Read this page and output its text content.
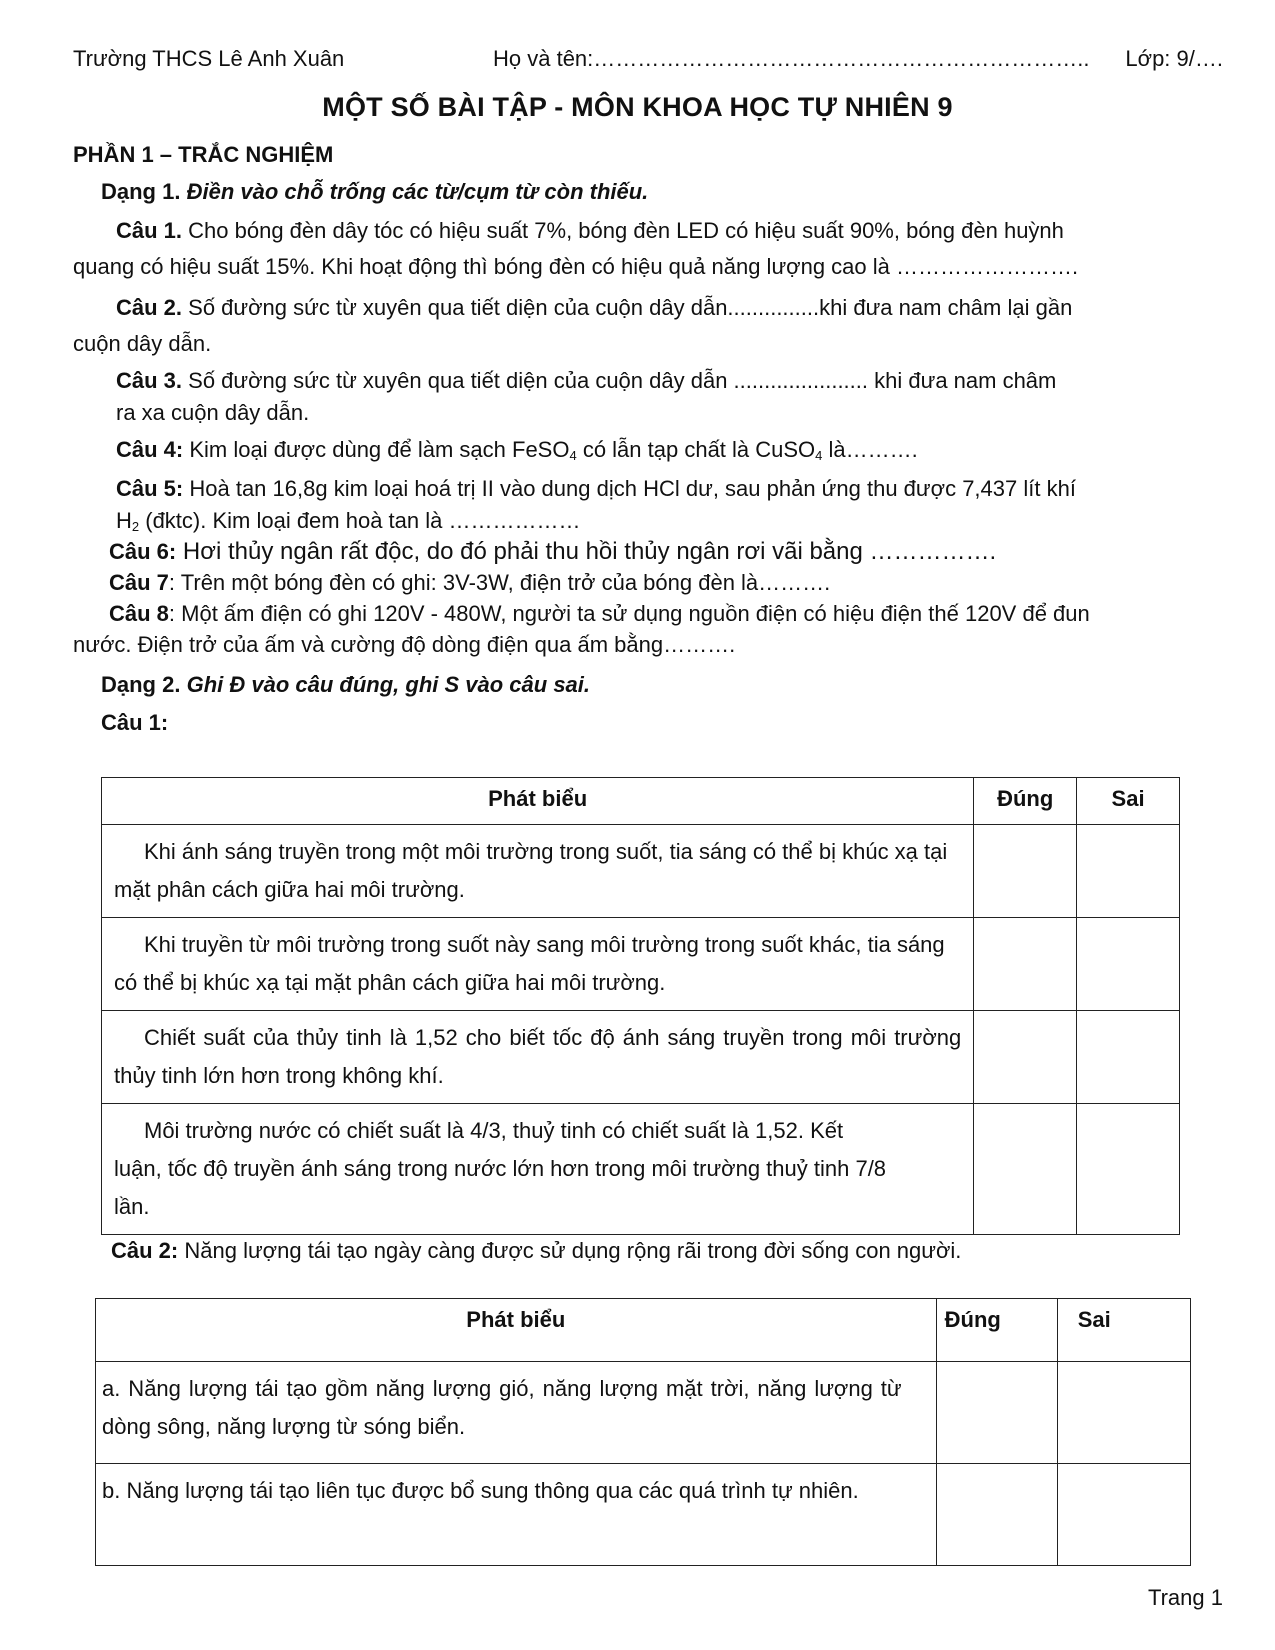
Trường THCS Lê Anh Xuân	Họ và tên:………………………………………………………….. Lớp: 9/….
MỘT SỐ BÀI TẬP - MÔN KHOA HỌC TỰ NHIÊN 9
PHẦN 1 – TRẮC NGHIỆM
Dạng 1. Điền vào chỗ trống các từ/cụm từ còn thiếu.
Câu 1. Cho bóng đèn dây tóc có hiệu suất 7%, bóng đèn LED có hiệu suất 90%, bóng đèn huỳnh
quang có hiệu suất 15%. Khi hoạt động thì bóng đèn có hiệu quả năng lượng cao là …………………….
Câu 2. Số đường sức từ xuyên qua tiết diện của cuộn dây dẫn...............khi đưa nam châm lại gần
cuộn dây dẫn.
Câu 3. Số đường sức từ xuyên qua tiết diện của cuộn dây dẫn ...................... khi đưa nam châm
ra xa cuộn dây dẫn.
Câu 4: Kim loại được dùng để làm sạch FeSO$_4$ có lẫn tạp chất là CuSO$_4$ là……….
Câu 5: Hoà tan 16,8g kim loại hoá trị II vào dung dịch HCl dư, sau phản ứng thu được 7,437 lít khí
$H_2$ (đktc). Kim loại đem hoà tan là ………………
Câu 6: Hơi thủy ngân rất độc, do đó phải thu hồi thủy ngân rơi vãi bằng …………….
Câu 7: Trên một bóng đèn có ghi: 3V-3W, điện trở của bóng đèn là……….
Câu 8: Một ấm điện có ghi 120V - 480W, người ta sử dụng nguồn điện có hiệu điện thế 120V để đun
nước. Điện trở của ấm và cường độ dòng điện qua ấm bằng……….
Dạng 2. Ghi Đ vào câu đúng, ghi S vào câu sai.
Câu 1:
Phát biểu	Đúng	Sai

Khi ánh sáng truyền trong một môi trường trong suốt, tia sáng có thể bị khúc xạ tại mặt phân cách giữa hai môi trường.		

Khi truyền từ môi trường trong suốt này sang môi trường trong suốt khác, tia sáng có thể bị khúc xạ tại mặt phân cách giữa hai môi trường.		

Chiết suất của thủy tinh là 1,52 cho biết tốc độ ánh sáng truyền trong môi trường thủy tinh lớn hơn trong không khí.		

Môi trường nước có chiết suất là 4/3, thuỷ tinh có chiết suất là 1,52. Kết luận, tốc độ truyền ánh sáng trong nước lớn hơn trong môi trường thuỷ tinh 7/8 lần.		

Câu 2: Năng lượng tái tạo ngày càng được sử dụng rộng rãi trong đời sống con người.
Phát biểu	Đúng	Sai

a. Năng lượng tái tạo gồm năng lượng gió, năng lượng mặt trời, năng lượng từ dòng sông, năng lượng từ sóng biển.		

b. Năng lượng tái tạo liên tục được bổ sung thông qua các quá trình tự nhiên.		

Trang 1
